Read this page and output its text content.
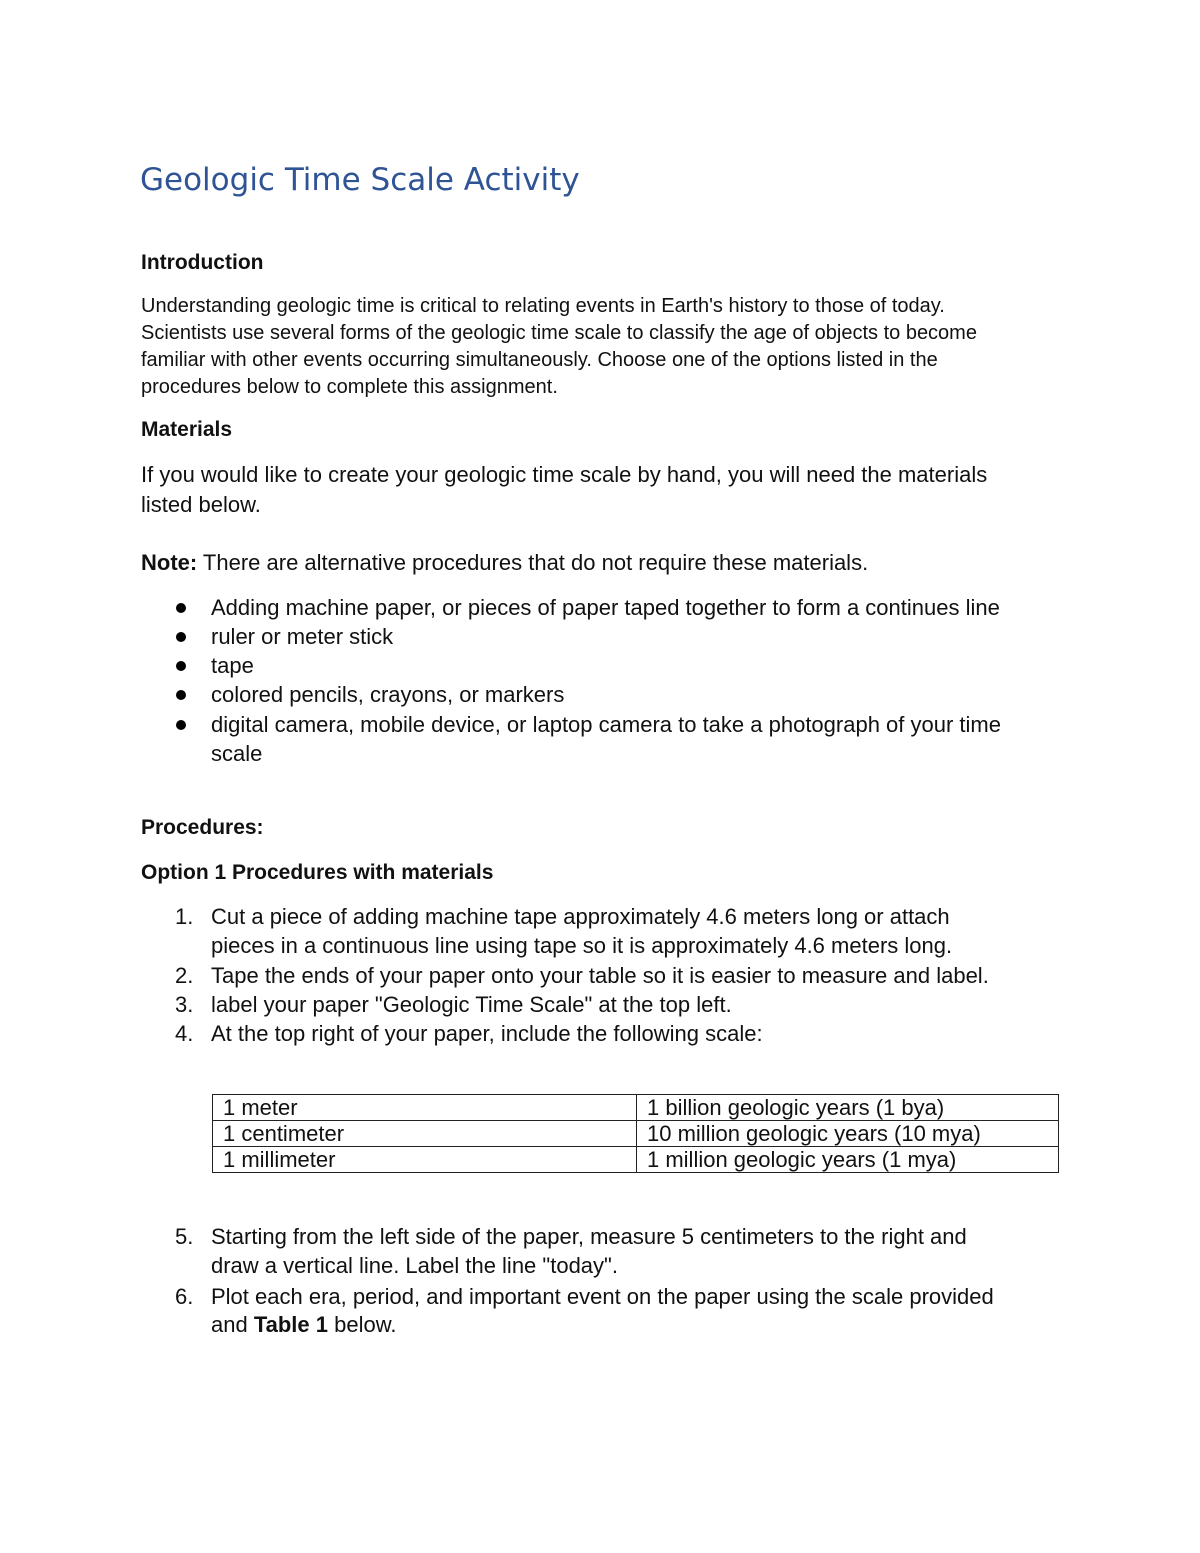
Geologic Time Scale Activity
Introduction
Understanding geologic time is critical to relating events in Earth's history to those of today.
Scientists use several forms of the geologic time scale to classify the age of objects to become
familiar with other events occurring simultaneously. Choose one of the options listed in the
procedures below to complete this assignment.
Materials
If you would like to create your geologic time scale by hand, you will need the materials
listed below.
Note: There are alternative procedures that do not require these materials.
Adding machine paper, or pieces of paper taped together to form a continues line
ruler or meter stick
tape
colored pencils, crayons, or markers
digital camera, mobile device, or laptop camera to take a photograph of your time
scale
Procedures:
Option 1 Procedures with materials
1. Cut a piece of adding machine tape approximately 4.6 meters long or attach
pieces in a continuous line using tape so it is approximately 4.6 meters long.
2. Tape the ends of your paper onto your table so it is easier to measure and label.
3. label your paper "Geologic Time Scale" at the top left.
4. At the top right of your paper, include the following scale:
1 meter	1 billion geologic years (1 bya)
1 centimeter	10 million geologic years (10 mya)
1 millimeter	1 million geologic years (1 mya)
5. Starting from the left side of the paper, measure 5 centimeters to the right and
draw a vertical line. Label the line "today".
6. Plot each era, period, and important event on the paper using the scale provided
and Table 1 below.
